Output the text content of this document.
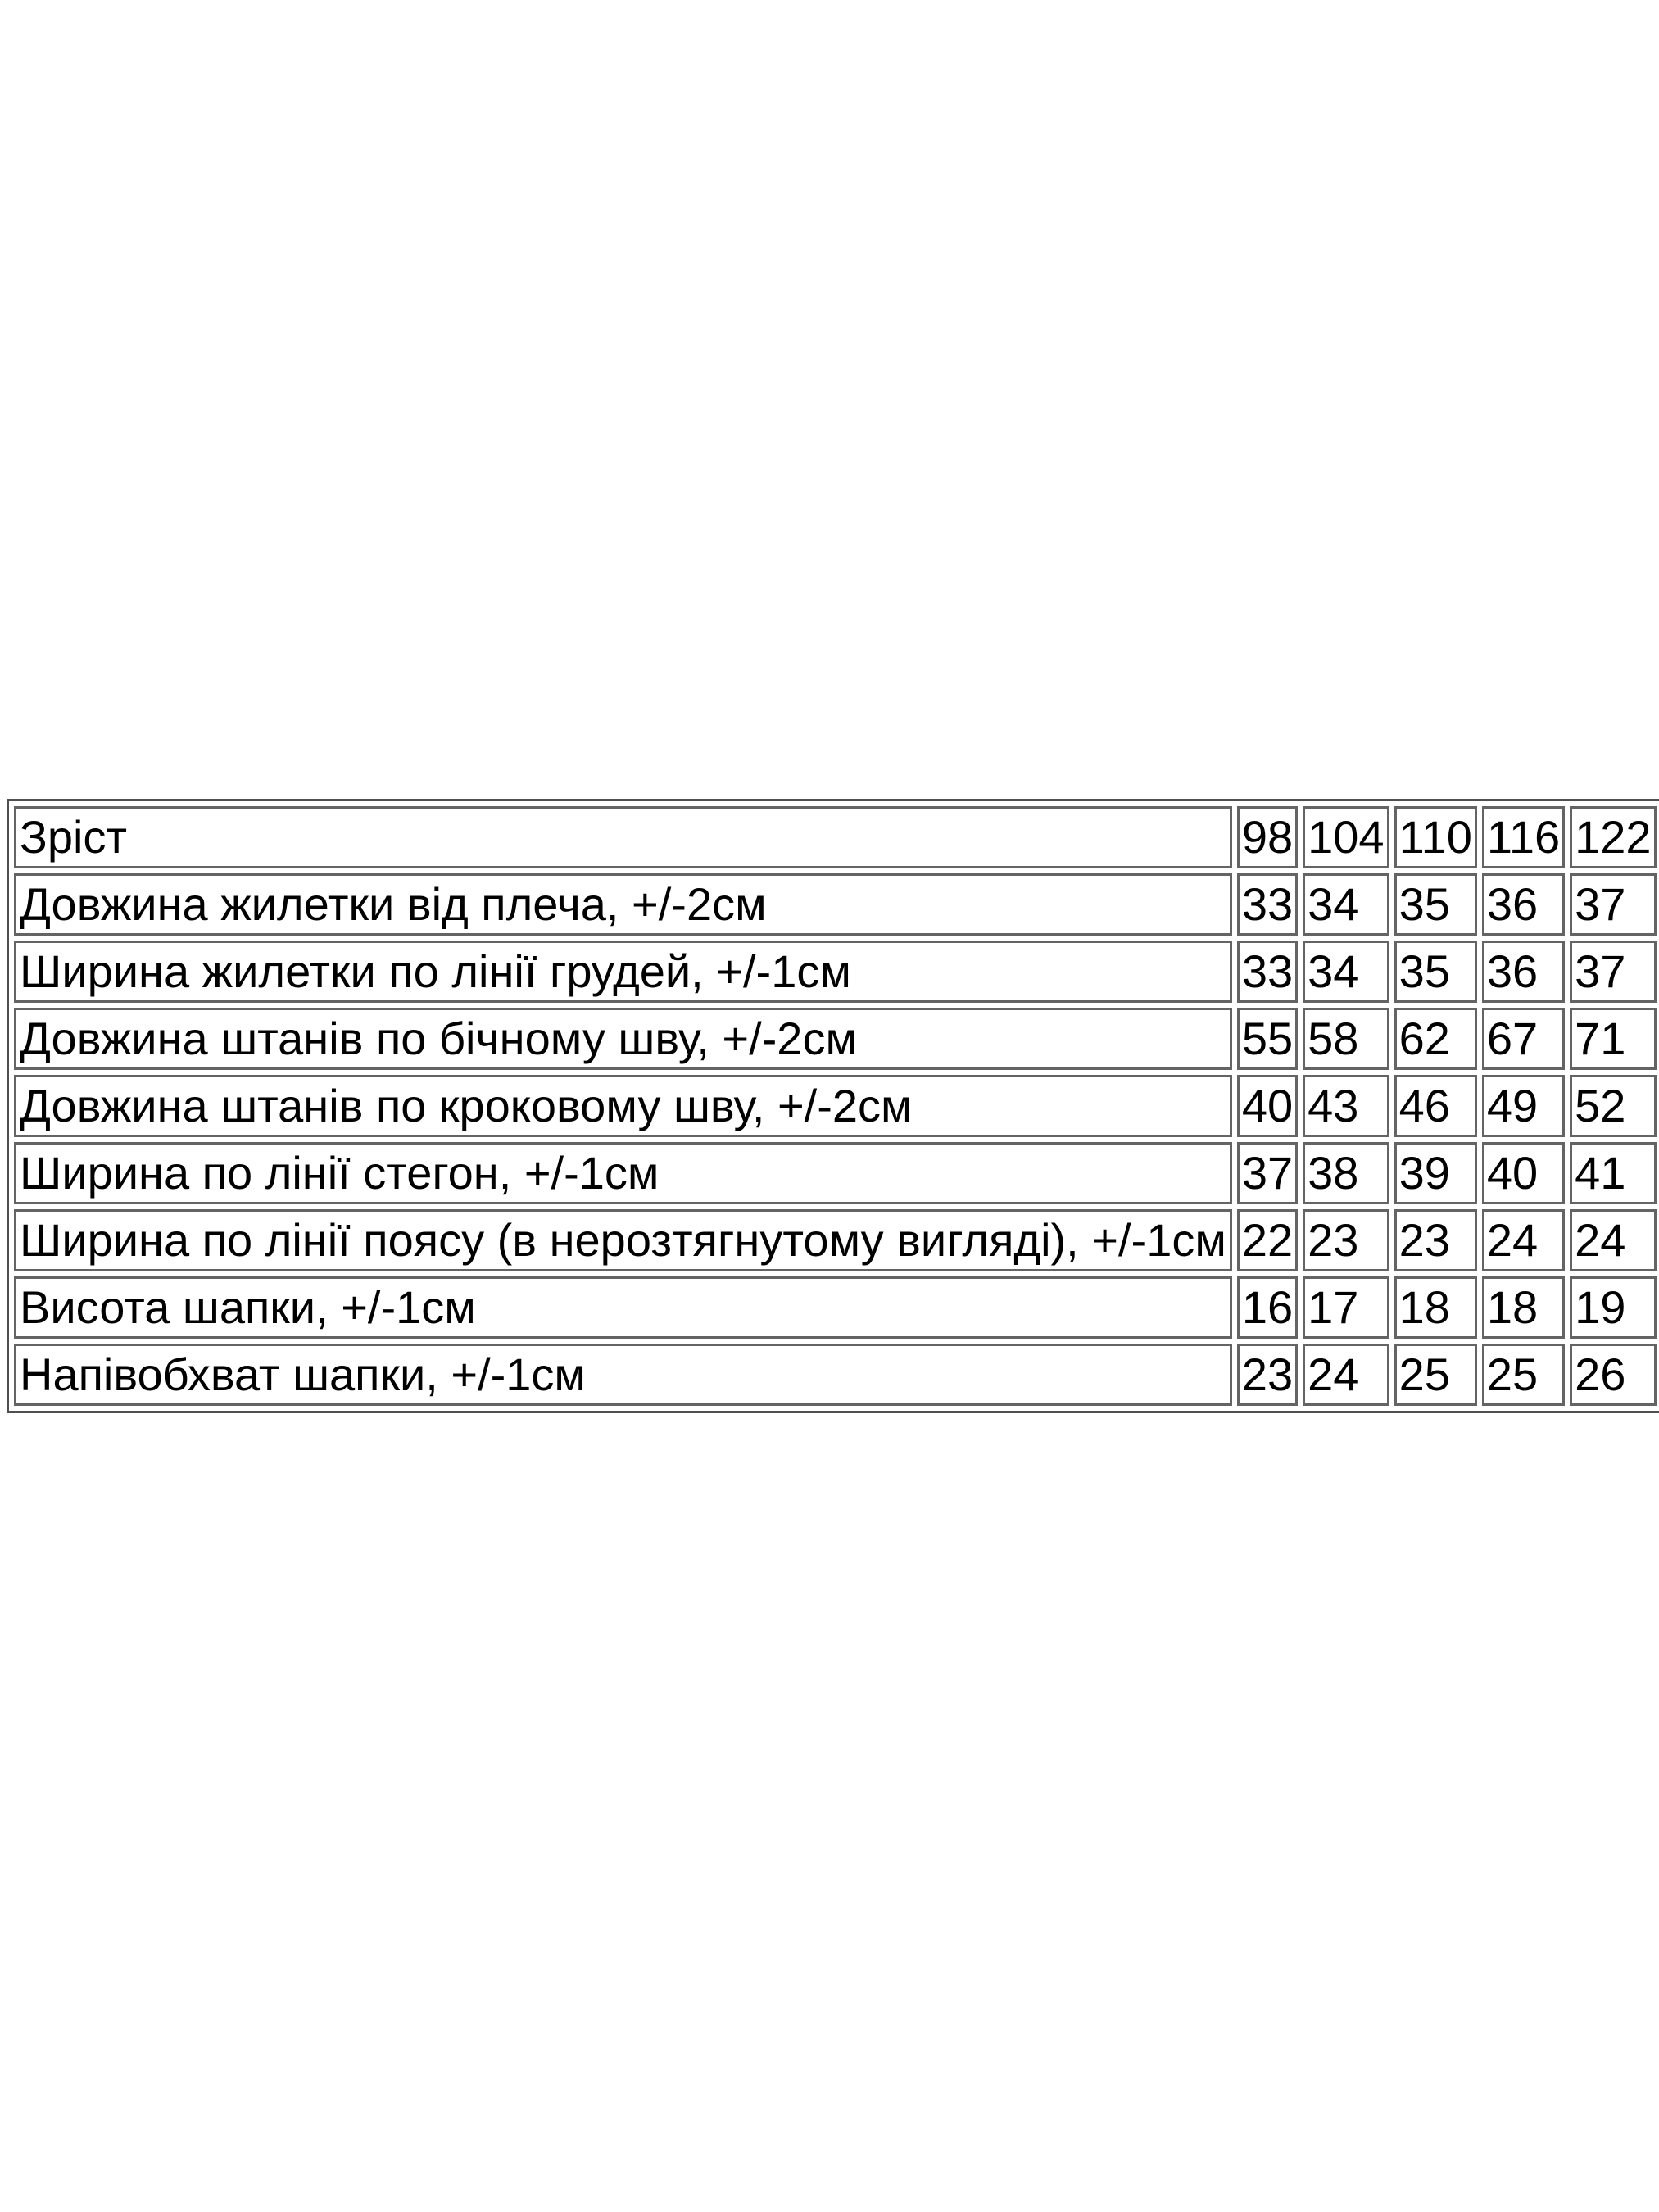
Зріст	98	104	110	116	122
Довжина жилетки від плеча, +/-2см	33	34	35	36	37
Ширина жилетки по лінії грудей, +/-1см	33	34	35	36	37
Довжина штанів по бічному шву, +/-2см	55	58	62	67	71
Довжина штанів по кроковому шву, +/-2см	40	43	46	49	52
Ширина по лінії стегон, +/-1см	37	38	39	40	41
Ширина по лінії поясу (в нерозтягнутому вигляді), +/-1см	22	23	23	24	24
Висота шапки, +/-1см	16	17	18	18	19
Напівобхват шапки, +/-1см	23	24	25	25	26
